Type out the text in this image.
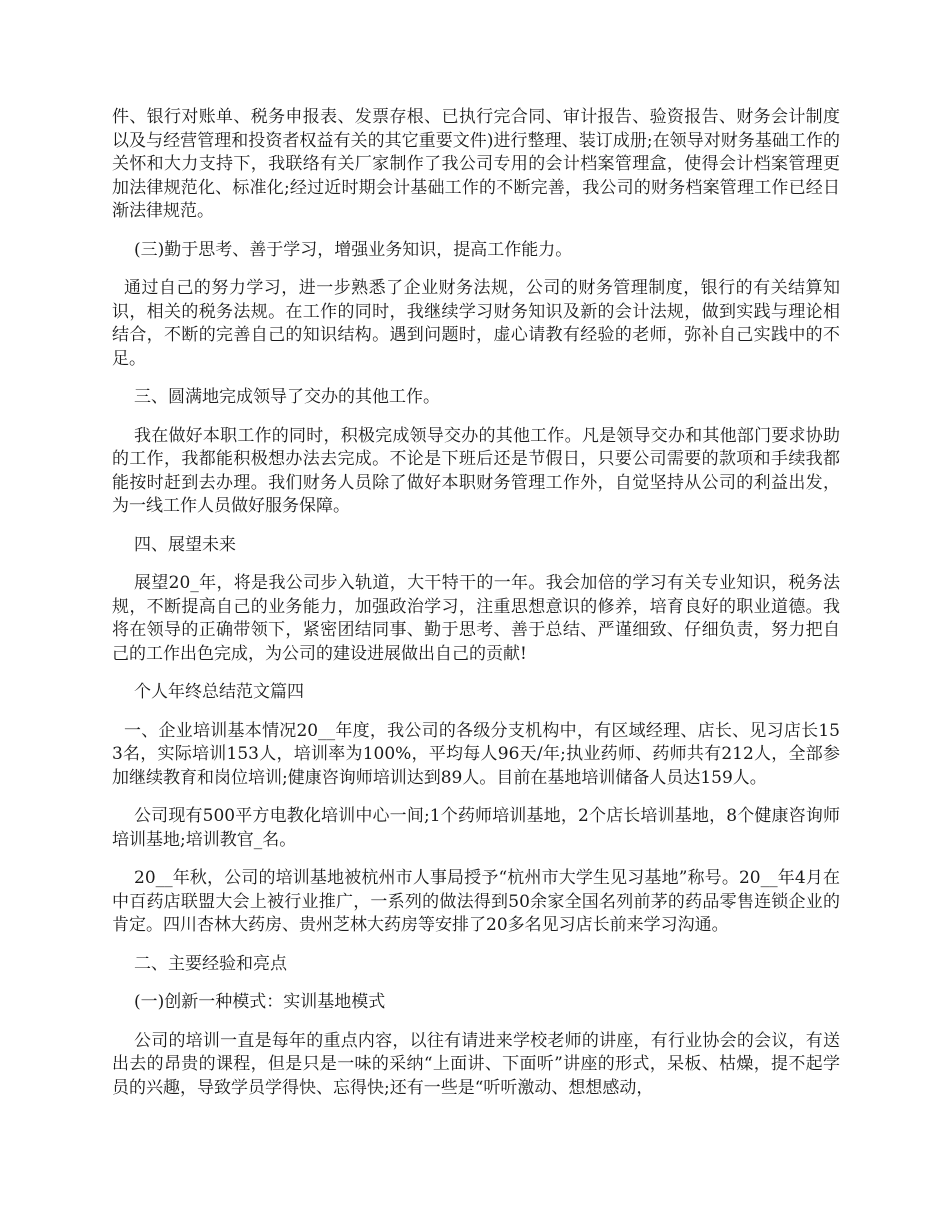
件、银行对账单、税务申报表、发票存根、已执行完合同、审计报告、验资报告、财务会计制度以及与经营管理和投资者权益有关的其它重要文件)进行整理、装订成册;在领导对财务基础工作的关怀和大力支持下，我联络有关厂家制作了我公司专用的会计档案管理盒，使得会计档案管理更加法律规范化、标准化;经过近时期会计基础工作的不断完善，我公司的财务档案管理工作已经日渐法律规范。

(三)勤于思考、善于学习，增强业务知识，提高工作能力。

通过自己的努力学习，进一步熟悉了企业财务法规，公司的财务管理制度，银行的有关结算知识，相关的税务法规。在工作的同时，我继续学习财务知识及新的会计法规，做到实践与理论相结合，不断的完善自己的知识结构。遇到问题时，虚心请教有经验的老师，弥补自己实践中的不足。

三、圆满地完成领导了交办的其他工作。

我在做好本职工作的同时，积极完成领导交办的其他工作。凡是领导交办和其他部门要求协助的工作，我都能积极想办法去完成。不论是下班后还是节假日，只要公司需要的款项和手续我都能按时赶到去办理。我们财务人员除了做好本职财务管理工作外，自觉坚持从公司的利益出发，为一线工作人员做好服务保障。

四、展望未来

展望20_年，将是我公司步入轨道，大干特干的一年。我会加倍的学习有关专业知识，税务法规，不断提高自己的业务能力，加强政治学习，注重思想意识的修养，培育良好的职业道德。我将在领导的正确带领下，紧密团结同事、勤于思考、善于总结、严谨细致、仔细负责，努力把自己的工作出色完成，为公司的建设进展做出自己的贡献!

个人年终总结范文篇四

一、企业培训基本情况20__年度，我公司的各级分支机构中，有区域经理、店长、见习店长153名，实际培训153人，培训率为100%，平均每人96天/年;执业药师、药师共有212人，全部参加继续教育和岗位培训;健康咨询师培训达到89人。目前在基地培训储备人员达159人。

公司现有500平方电教化培训中心一间;1个药师培训基地，2个店长培训基地，8个健康咨询师培训基地;培训教官_名。

20__年秋，公司的培训基地被杭州市人事局授予“杭州市大学生见习基地”称号。20__年4月在中百药店联盟大会上被行业推广，一系列的做法得到50余家全国名列前茅的药品零售连锁企业的肯定。四川杏林大药房、贵州芝林大药房等安排了20多名见习店长前来学习沟通。

二、主要经验和亮点

(一)创新一种模式：实训基地模式

公司的培训一直是每年的重点内容，以往有请进来学校老师的讲座，有行业协会的会议，有送出去的昂贵的课程，但是只是一味的采纳“上面讲、下面听”讲座的形式，呆板、枯燥，提不起学员的兴趣，导致学员学得快、忘得快;还有一些是“听听激动、想想感动，
